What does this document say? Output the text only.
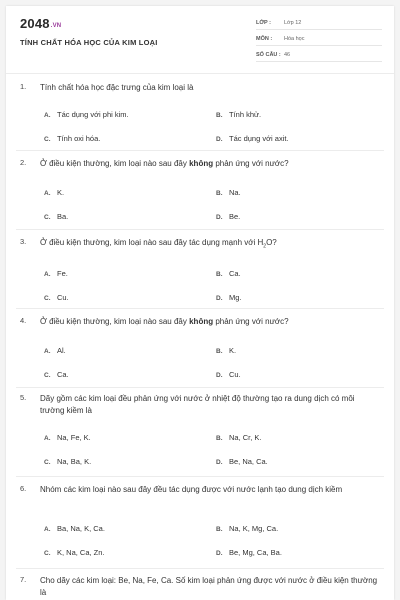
2048.VN
TÍNH CHẤT HÓA HỌC CỦA KIM LOẠI
LỚP : Lớp 12
MÔN : Hóa học
SỐ CÂU : 46
1. Tính chất hóa học đặc trưng của kim loại là
A. Tác dụng với phi kim.	B. Tính khử.
C. Tính oxi hóa.	D. Tác dụng với axit.
2. Ở điều kiện thường, kim loại nào sau đây không phản ứng với nước?
A. K.	B. Na.
C. Ba.	D. Be.
3. Ở điều kiện thường, kim loại nào sau đây tác dụng mạnh với $H_2O$?
A. Fe.	B. Ca.
C. Cu.	D. Mg.
4. Ở điều kiện thường, kim loại nào sau đây không phản ứng với nước?
A. Al.	B. K.
C. Ca.	D. Cu.
5. Dãy gồm các kim loại đều phản ứng với nước ở nhiệt độ thường tạo ra dung dịch có môi trường kiềm là
A. Na, Fe, K.	B. Na, Cr, K.
C. Na, Ba, K.	D. Be, Na, Ca.
6. Nhóm các kim loại nào sau đây đều tác dụng được với nước lạnh tạo dung dịch kiềm
A. Ba, Na, K, Ca.	B. Na, K, Mg, Ca.
C. K, Na, Ca, Zn.	D. Be, Mg, Ca, Ba.
7. Cho dãy các kim loại: Be, Na, Fe, Ca. Số kim loại phản ứng được với nước ở điều kiện thường là
